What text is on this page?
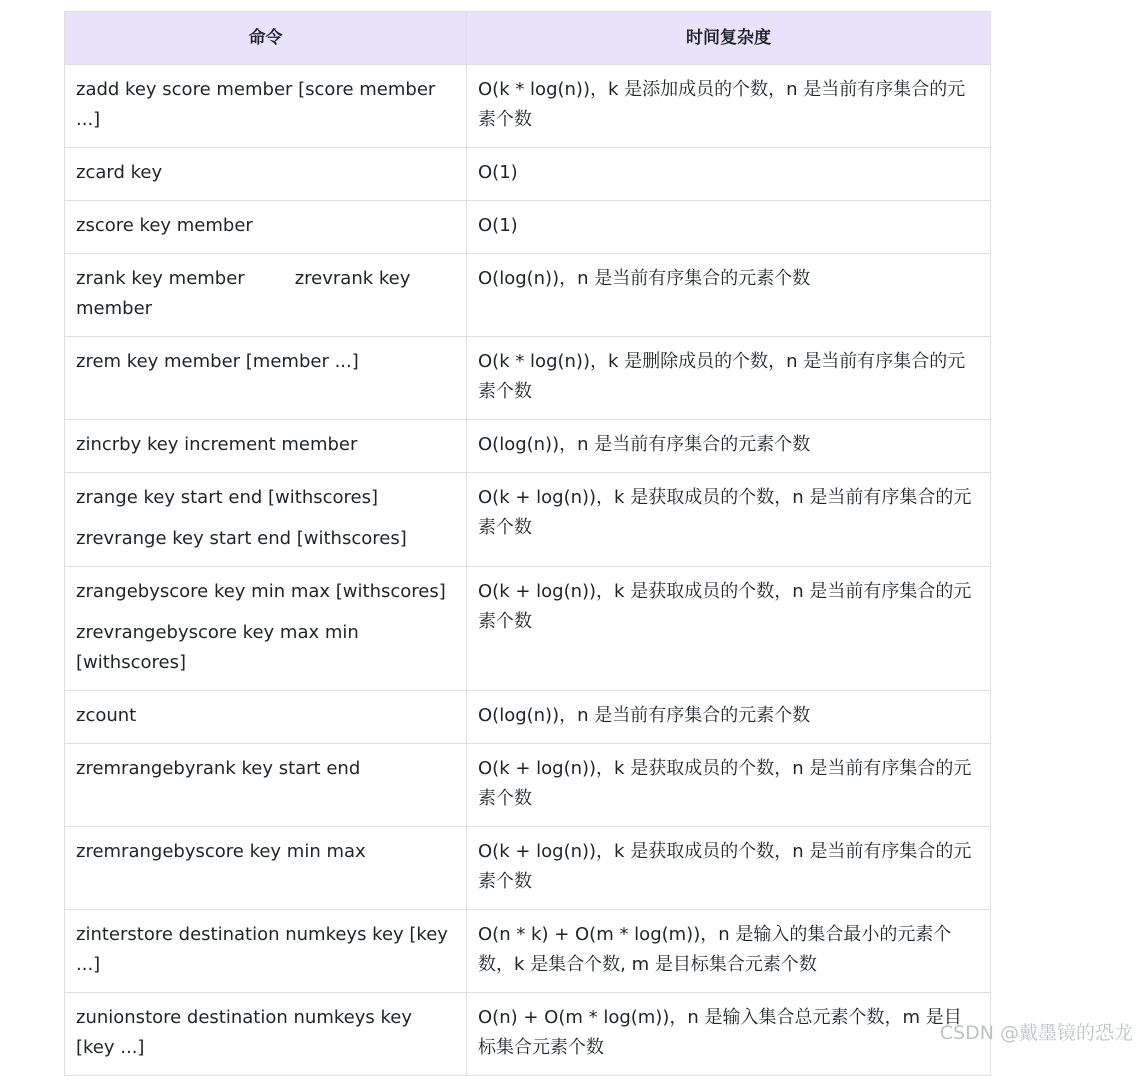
命令	时间复杂度

zadd key score member [score member ...]	O(k * log(n))，k 是添加成员的个数，n 是当前有序集合的元素个数

zcard key	O(1)

zscore key member	O(1)
zrank key member zrevrank key member	O(log(n))，n 是当前有序集合的元素个数

zrem key member [member ...]	O(k * log(n))，k 是删除成员的个数，n 是当前有序集合的元素个数

zincrby key increment member	O(log(n))，n 是当前有序集合的元素个数

zrange key start end [withscores]
zrevrange key start end [withscores]	O(k + log(n))，k 是获取成员的个数，n 是当前有序集合的元素个数

zrangebyscore key min max [withscores]
zrevrangebyscore key max min [withscores]	O(k + log(n))，k 是获取成员的个数，n 是当前有序集合的元素个数

zcount	O(log(n))，n 是当前有序集合的元素个数

zremrangebyrank key start end	O(k + log(n))，k 是获取成员的个数，n 是当前有序集合的元素个数

zremrangebyscore key min max	O(k + log(n))，k 是获取成员的个数，n 是当前有序集合的元素个数

zinterstore destination numkeys key [key ...]	O(n * k) + O(m * log(m))，n 是输入的集合最小的元素个数，k 是集合个数, m 是目标集合元素个数

zunionstore destination numkeys key [key ...]	O(n) + O(m * log(m))，n 是输入集合总元素个数，m 是目标集合元素个数
CSDN @戴墨镜的恐龙
